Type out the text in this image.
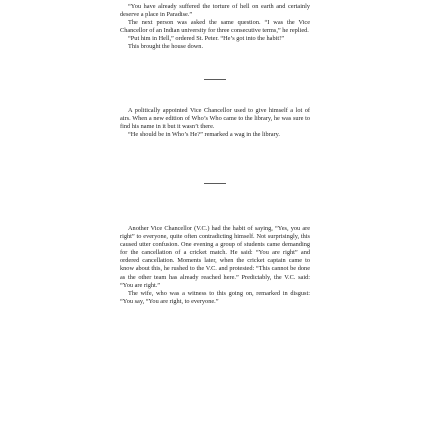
“You have already suffered the torture of hell on earth and certainly deserve a place in Paradise.”

The next person was asked the same question. “I was the Vice Chancellor of an Indian university for three consecutive terms,” he replied.

“Put him in Hell,” ordered St. Peter. “He’s got into the habit!”

This brought the house down.

A politically appointed Vice Chancellor used to give himself a lot of airs. When a new edition of Who’s Who came to the library, he was sure to find his name in it but it wasn’t there.

“He should be in Who’s He?” remarked a wag in the library.

Another Vice Chancellor (V.C.) had the habit of saying, “Yes, you are right” to everyone, quite often contradicting himself. Not surprisingly, this caused utter confusion. One evening a group of students came demanding for the cancellation of a cricket match. He said: “You are right” and ordered cancellation. Moments later, when the cricket captain came to know about this, he rushed to the V.C. and protested: “This cannot be done as the other team has already reached here.” Predictably, the V.C. said: “You are right.”

The wife, who was a witness to this going on, remarked in disgust: “You say, “You are right, to everyone.”
